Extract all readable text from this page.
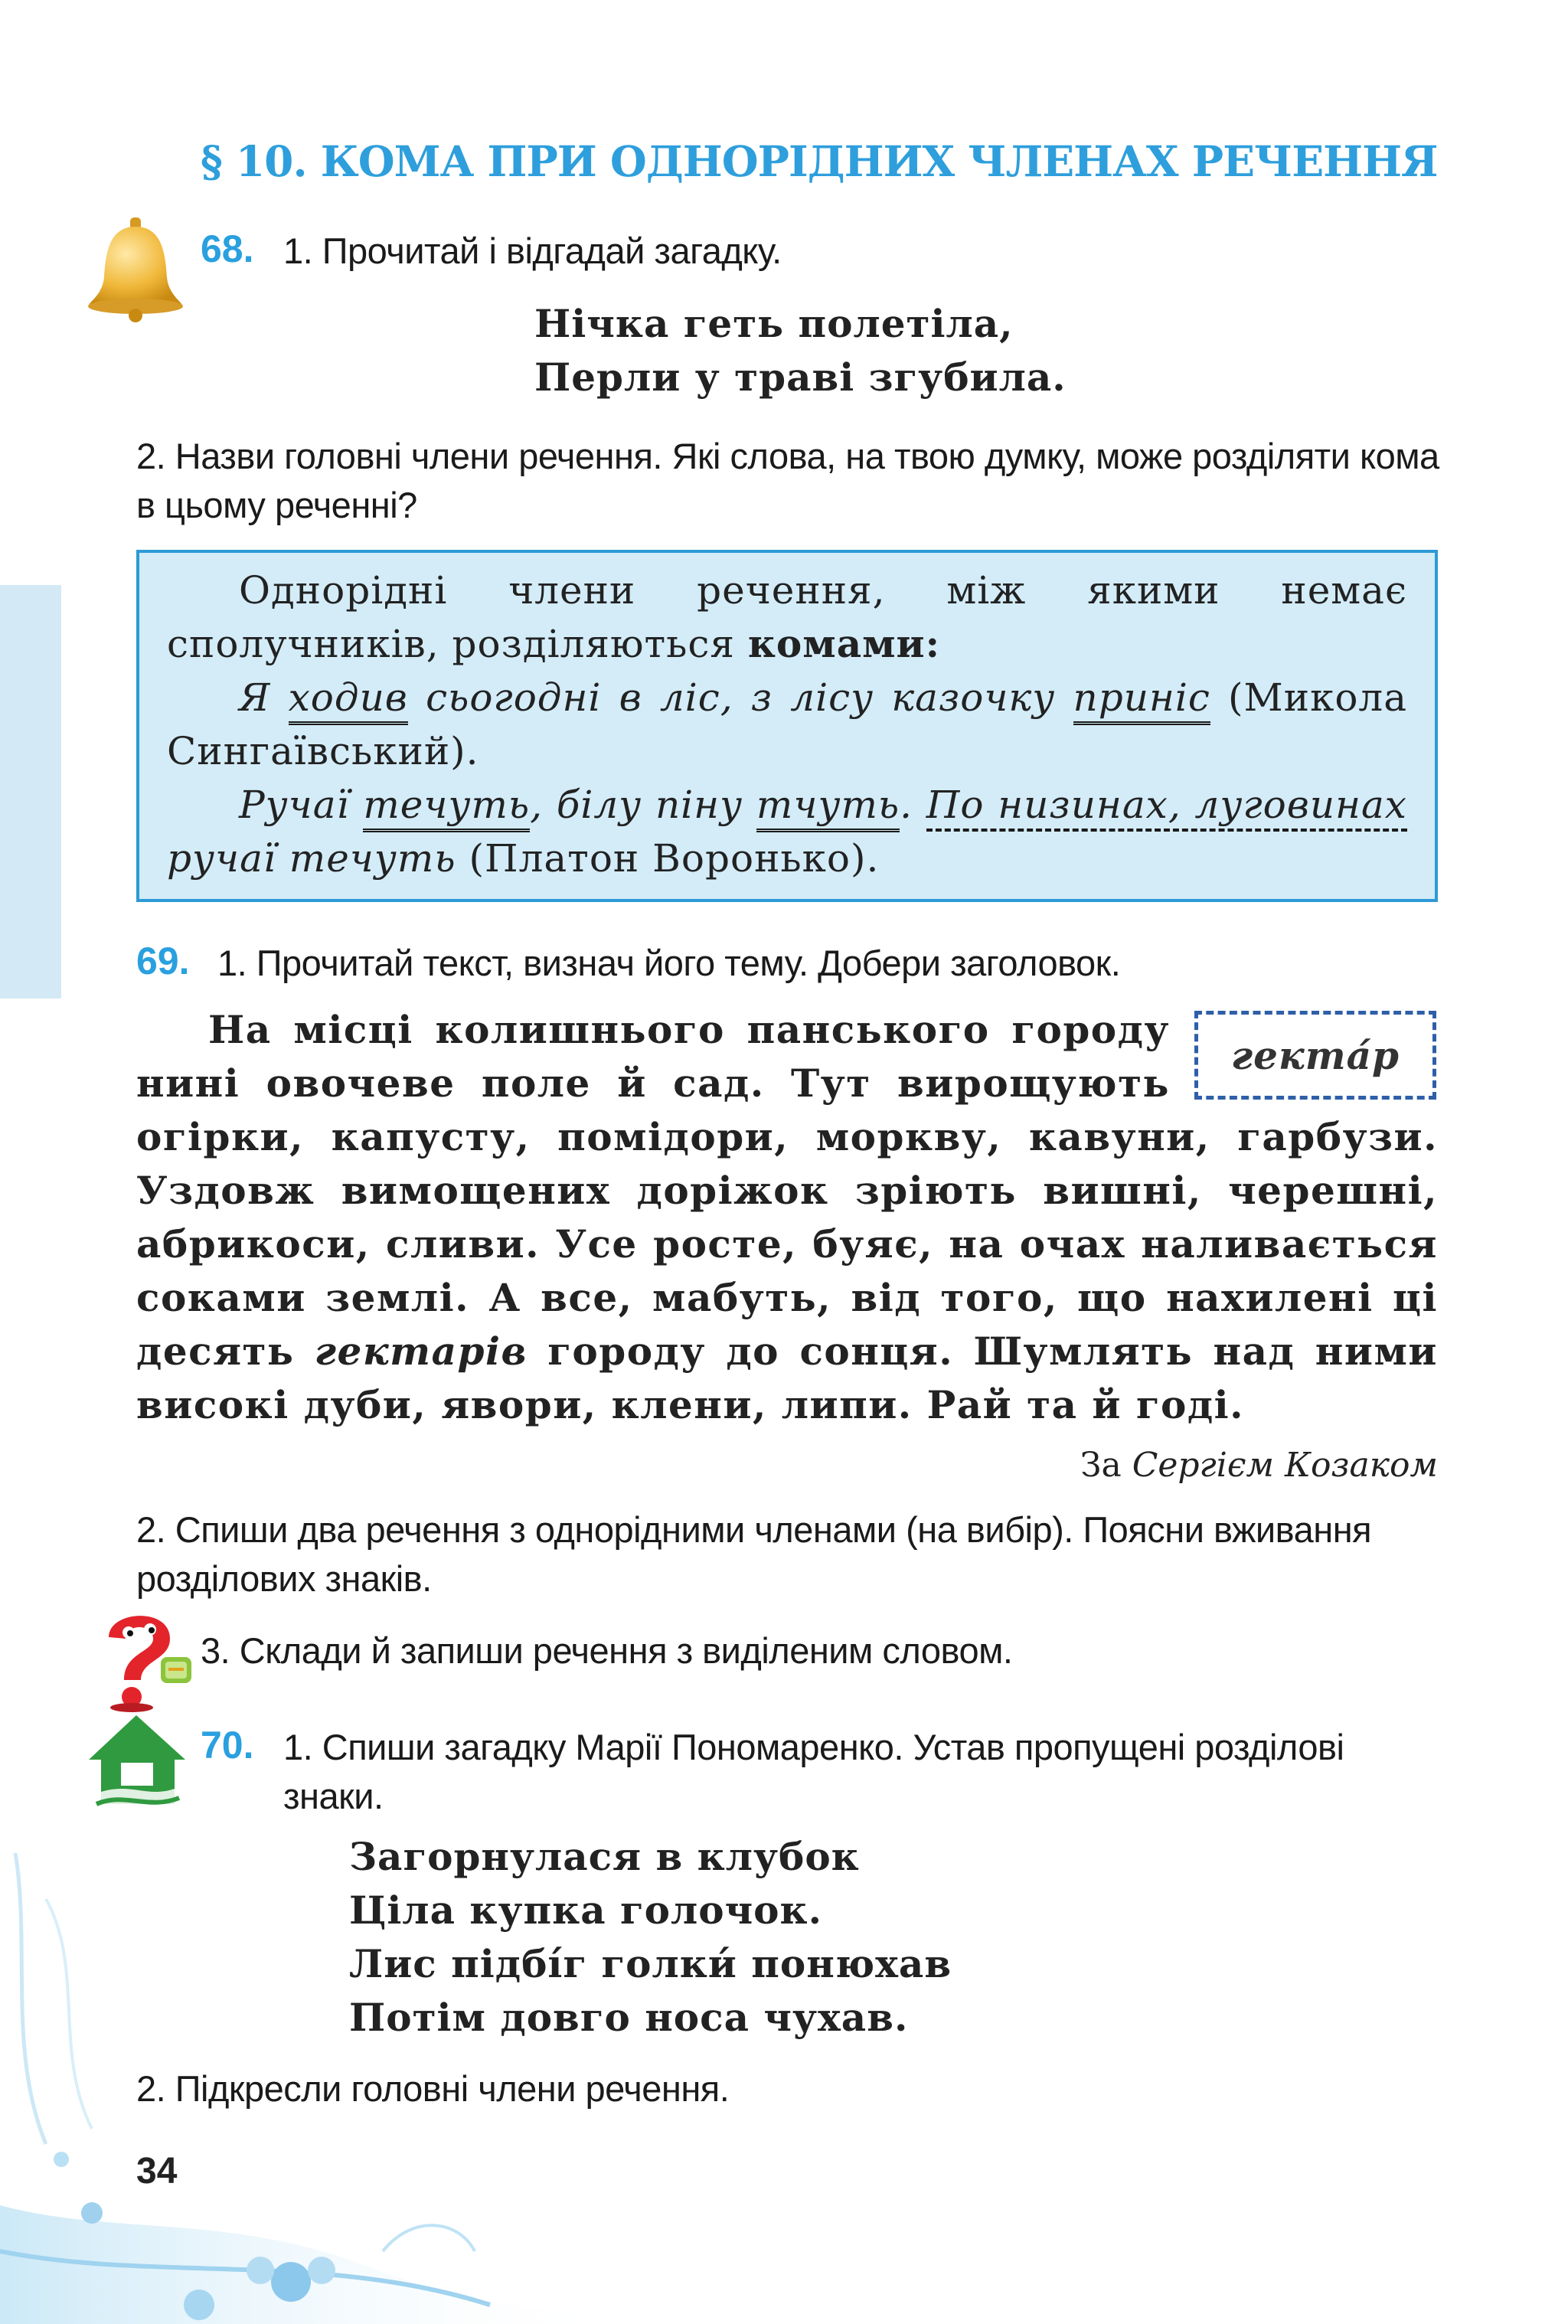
§ 10. КОМА ПРИ ОДНОРІДНИХ ЧЛЕНАХ РЕЧЕННЯ
68. 1. Прочитай і відгадай загадку.

Нічка геть полетіла,
Перли у траві згубила.

2. Назви головні члени речення. Які слова, на твою думку, може розділяти кома в цьому реченні?

Однорідні члени речення, між якими немає сполучників, розділяються комами:
Я ходив сьогодні в ліс, з лісу казочку приніс (Микола Сингаївський).
Ручаї течуть, білу піну тчуть. По низинах, луговинах ручаї течуть (Платон Воронько).
69. 1. Прочитай текст, визнач його тему. Добери заголовок.

гекта́р
На місці колишнього панського городу нині овочеве поле й сад. Тут вирощують огірки, капусту, помідори, моркву, кавуни, гарбузи. Уздовж вимощених доріжок зріють вишні, черешні, абрикоси, сливи. Усе росте, буяє, на очах наливається соками землі. А все, мабуть, від того, що нахилені ці десять гектарів городу до сонця. Шумлять над ними високі дуби, явори, клени, липи. Рай та й годі.

За Сергієм Козаком

2. Спиши два речення з однорідними членами (на вибір). Поясни вживання розділових знаків.

3. Склади й запиши речення з виділеним словом.

70. 1. Спиши загадку Марії Пономаренко. Устав пропущені розділові знаки.

Загорнулася в клубок
Ціла купка голочок.
Лис підбі́г голки́ понюхав
Потім довго носа чухав.

2. Підкресли головні члени речення.

34
